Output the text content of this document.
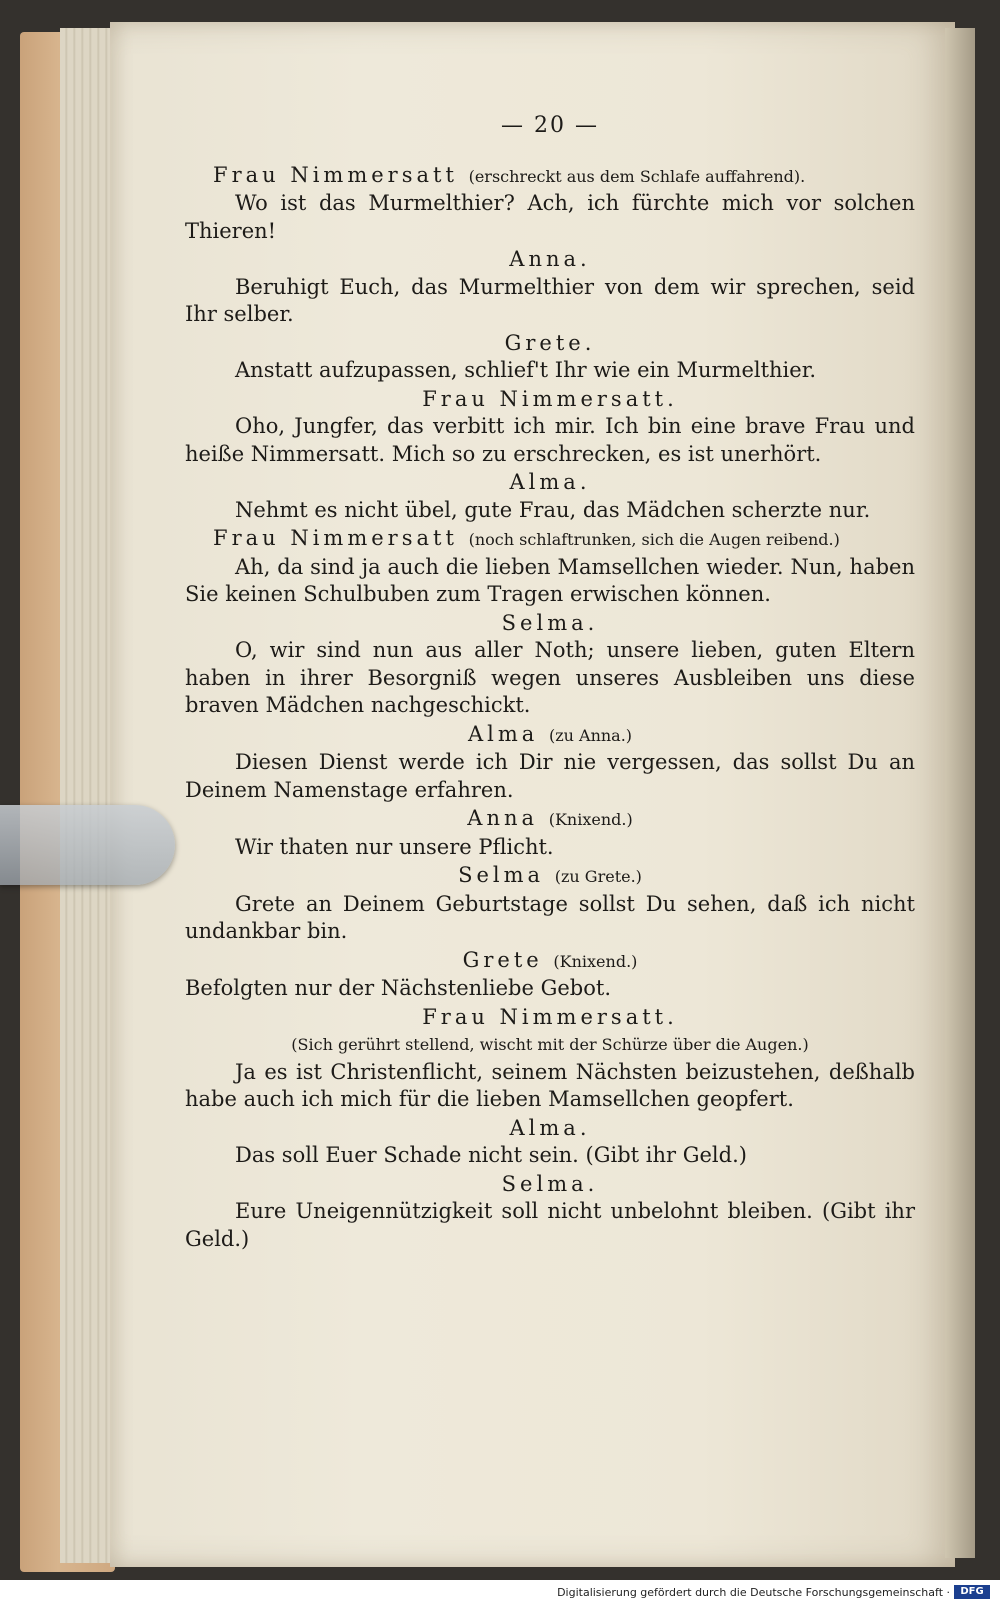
— 20 —
Frau Nimmersatt (erschreckt aus dem Schlafe auffahrend).
Wo ist das Murmelthier? Ach, ich fürchte mich vor solchen Thieren!
Anna.
Beruhigt Euch, das Murmelthier von dem wir sprechen, seid Ihr selber.
Grete.
Anstatt aufzupassen, schlief't Ihr wie ein Murmelthier.
Frau Nimmersatt.
Oho, Jungfer, das verbitt ich mir. Ich bin eine brave Frau und heiße Nimmersatt. Mich so zu erschrecken, es ist unerhört.
Alma.
Nehmt es nicht übel, gute Frau, das Mädchen scherzte nur.
Frau Nimmersatt (noch schlaftrunken, sich die Augen reibend.)
Ah, da sind ja auch die lieben Mamsellchen wieder. Nun, haben Sie keinen Schulbuben zum Tragen erwischen können.
Selma.
O, wir sind nun aus aller Noth; unsere lieben, guten Eltern haben in ihrer Besorgniß wegen unseres Ausbleiben uns diese braven Mädchen nachgeschickt.
Alma (zu Anna.)
Diesen Dienst werde ich Dir nie vergessen, das sollst Du an Deinem Namenstage erfahren.
Anna (Knixend.)
Wir thaten nur unsere Pflicht.
Selma (zu Grete.)
Grete an Deinem Geburtstage sollst Du sehen, daß ich nicht undankbar bin.
Grete (Knixend.)
Befolgten nur der Nächstenliebe Gebot.
Frau Nimmersatt.
(Sich gerührt stellend, wischt mit der Schürze über die Augen.)
Ja es ist Christenflicht, seinem Nächsten beizustehen, deßhalb habe auch ich mich für die lieben Mamsellchen geopfert.
Alma.
Das soll Euer Schade nicht sein. (Gibt ihr Geld.)
Selma.
Eure Uneigennützigkeit soll nicht unbelohnt bleiben. (Gibt ihr Geld.)
Digitalisierung gefördert durch die Deutsche Forschungsgemeinschaft ·	DFG
